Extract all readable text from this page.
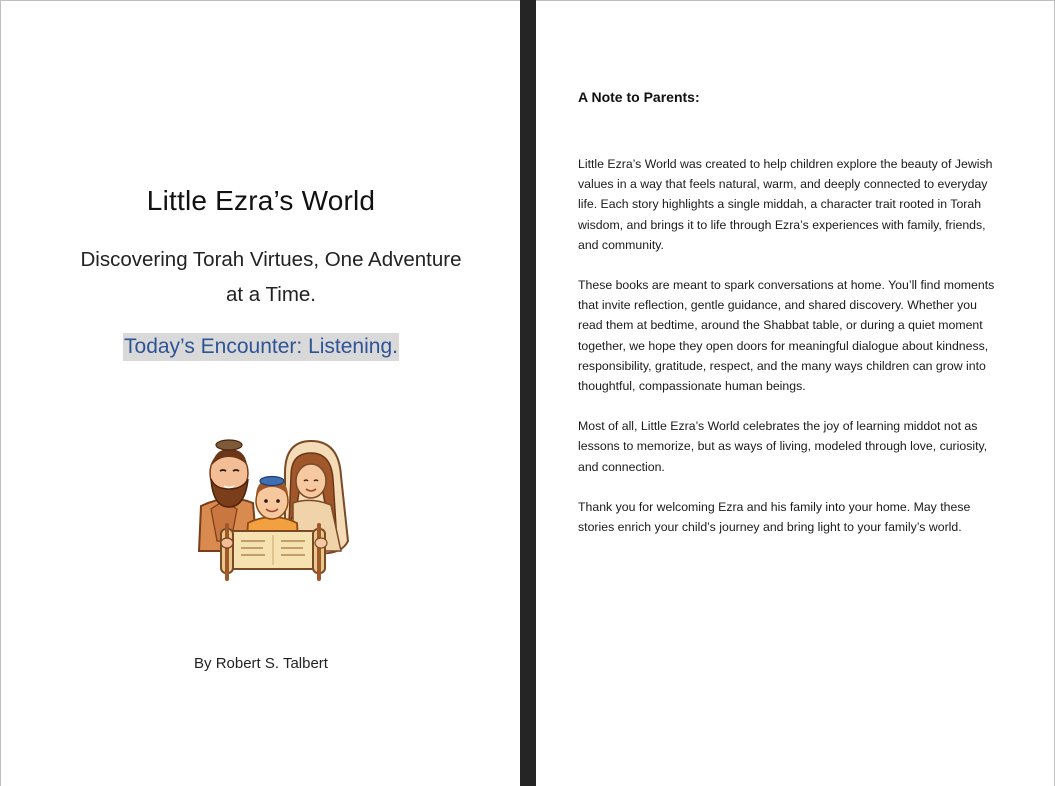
Little Ezra’s World
Discovering Torah Virtues, One Adventure
at a Time.
Today’s Encounter: Listening.
By Robert S. Talbert
A Note to Parents:

Little Ezra’s World was created to help children explore the beauty of Jewish values in a way that feels natural, warm, and deeply connected to everyday life. Each story highlights a single middah, a character trait rooted in Torah wisdom, and brings it to life through Ezra’s experiences with family, friends, and community.

These books are meant to spark conversations at home. You’ll find moments that invite reflection, gentle guidance, and shared discovery. Whether you read them at bedtime, around the Shabbat table, or during a quiet moment together, we hope they open doors for meaningful dialogue about kindness, responsibility, gratitude, respect, and the many ways children can grow into thoughtful, compassionate human beings.

Most of all, Little Ezra’s World celebrates the joy of learning middot not as lessons to memorize, but as ways of living, modeled through love, curiosity, and connection.

Thank you for welcoming Ezra and his family into your home. May these stories enrich your child’s journey and bring light to your family’s world.
